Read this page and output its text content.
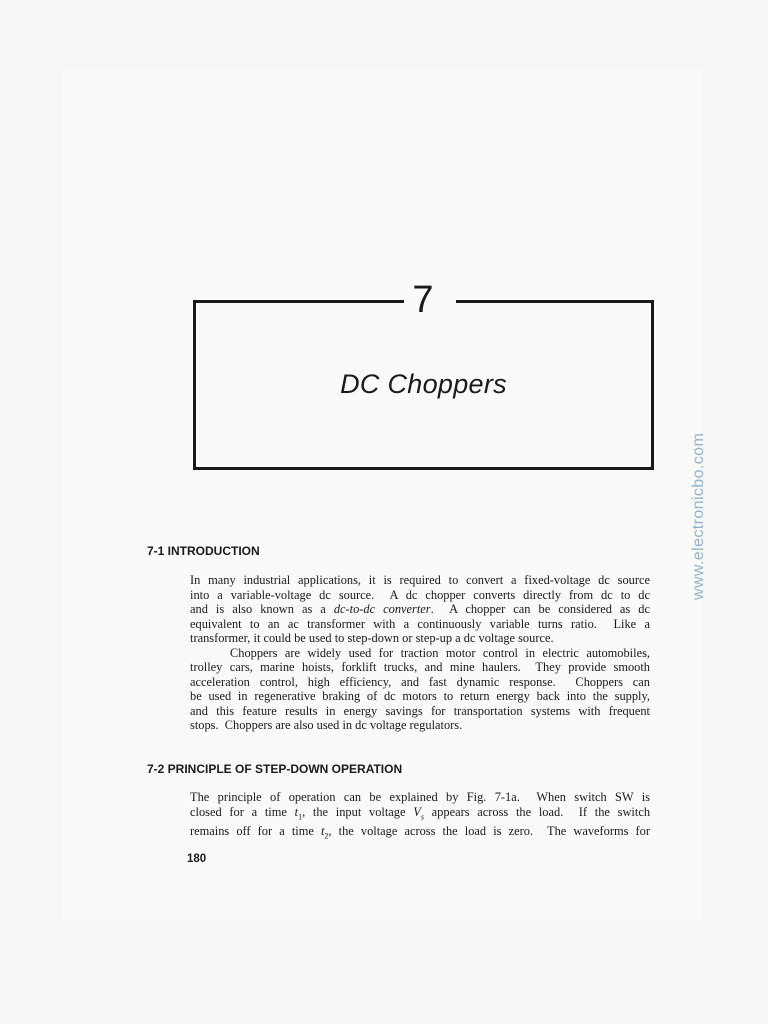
7
DC Choppers
7-1 INTRODUCTION
In many industrial applications, it is required to convert a fixed-voltage dc source
into a variable-voltage dc source.  A dc chopper converts directly from dc to dc
and is also known as a dc-to-dc converter.  A chopper can be considered as dc
equivalent to an ac transformer with a continuously variable turns ratio.  Like a
transformer, it could be used to step-down or step-up a dc voltage source.
Choppers are widely used for traction motor control in electric automobiles,
trolley cars, marine hoists, forklift trucks, and mine haulers.  They provide smooth
acceleration control, high efficiency, and fast dynamic response.  Choppers can
be used in regenerative braking of dc motors to return energy back into the supply,
and this feature results in energy savings for transportation systems with frequent
stops.  Choppers are also used in dc voltage regulators.
7-2 PRINCIPLE OF STEP-DOWN OPERATION
The principle of operation can be explained by Fig. 7-1a.  When switch SW is
closed for a time $t_1$, the input voltage $V_s$ appears across the load.  If the switch
remains off for a time $t_2$, the voltage across the load is zero.  The waveforms for
180
www.electronicbo.com
